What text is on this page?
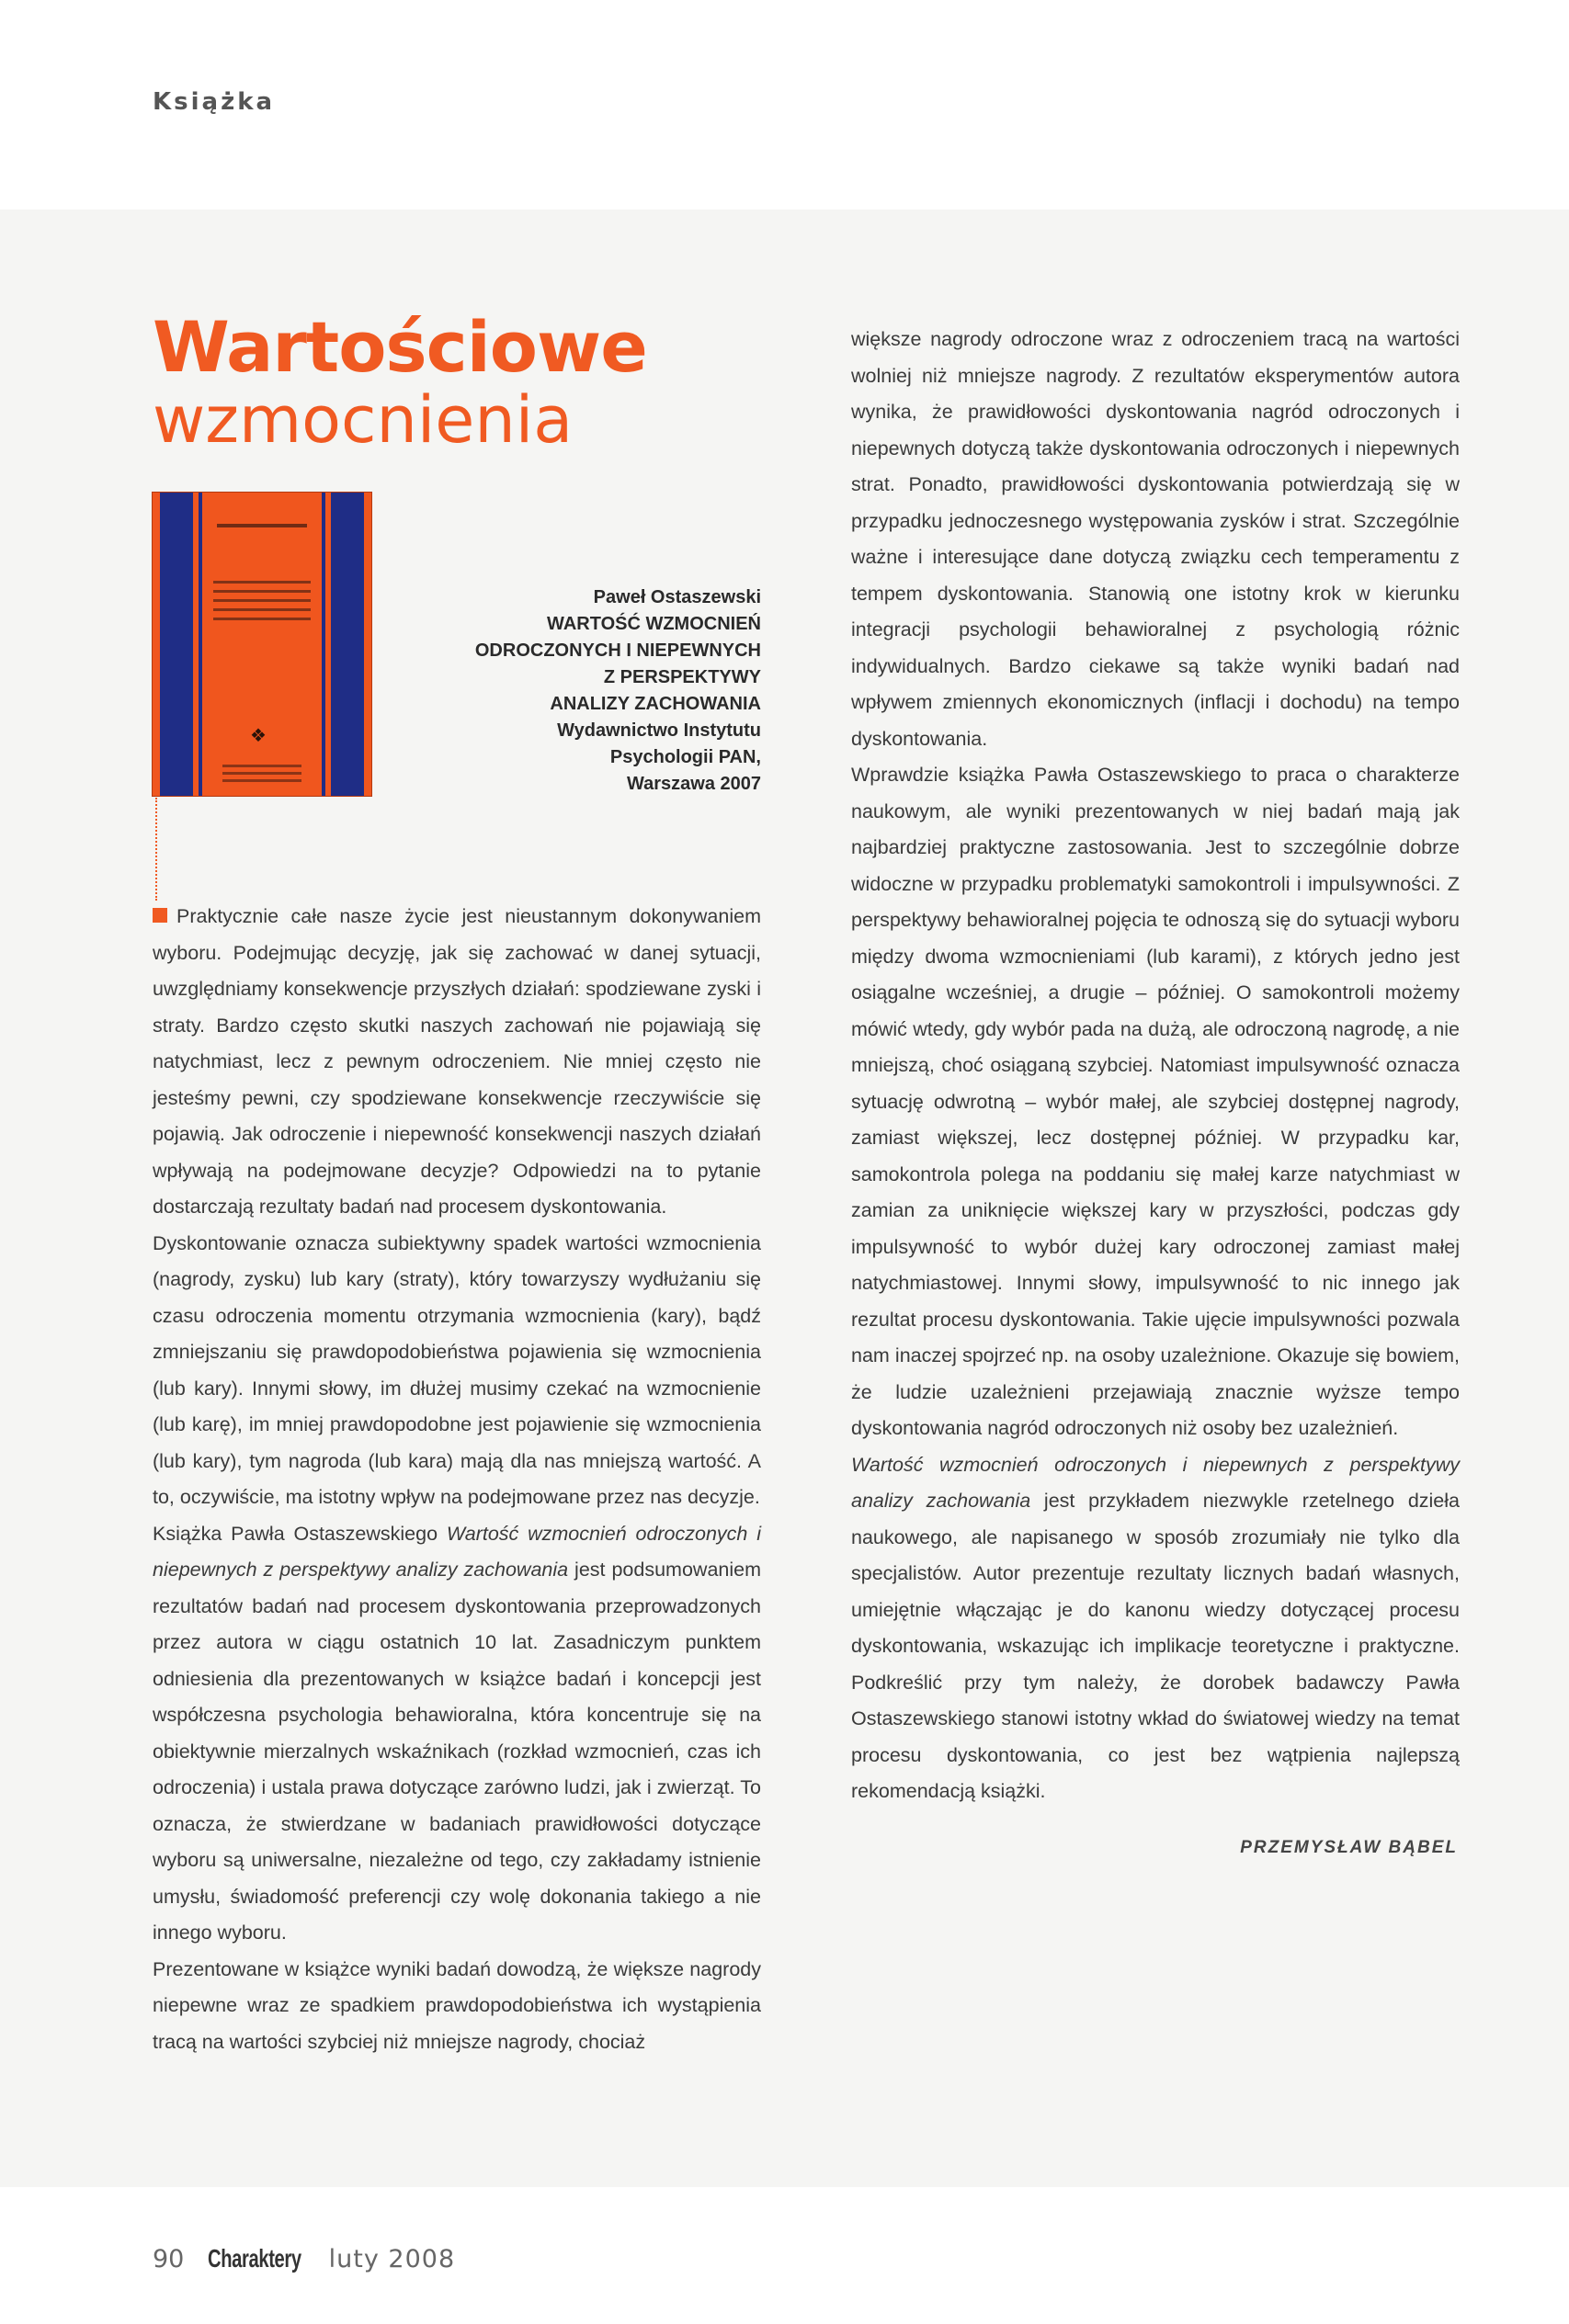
Książka
Wartościowe
wzmocnienia
❖
Paweł Ostaszewski
WARTOŚĆ WZMOCNIEŃ
ODROCZONYCH I NIEPEWNYCH
Z PERSPEKTYWY
ANALIZY ZACHOWANIA
Wydawnictwo Instytutu
Psychologii PAN,
Warszawa 2007

Praktycznie całe nasze życie jest nieustannym dokonywaniem wyboru. Podejmując decyzję, jak się zachować w danej sytuacji, uwzględniamy konsekwencje przyszłych działań: spodziewane zyski i straty. Bardzo często skutki naszych zachowań nie pojawiają się natychmiast, lecz z pewnym odroczeniem. Nie mniej często nie jesteśmy pewni, czy spodziewane konsekwencje rzeczywiście się pojawią. Jak odroczenie i niepewność konsekwencji naszych działań wpływają na podejmowane decyzje? Odpowiedzi na to pytanie dostarczają rezultaty badań nad procesem dyskontowania.

Dyskontowanie oznacza subiektywny spadek wartości wzmocnienia (nagrody, zysku) lub kary (straty), który towarzyszy wydłużaniu się czasu odroczenia momentu otrzymania wzmocnienia (kary), bądź zmniejszaniu się prawdopodobieństwa pojawienia się wzmocnienia (lub kary). Innymi słowy, im dłużej musimy czekać na wzmocnienie (lub karę), im mniej prawdopodobne jest pojawienie się wzmocnienia (lub kary), tym nagroda (lub kara) mają dla nas mniejszą wartość. A to, oczywiście, ma istotny wpływ na podejmowane przez nas decyzje.

Książka Pawła Ostaszewskiego Wartość wzmocnień odroczonych i niepewnych z perspektywy analizy zachowania jest podsumowaniem rezultatów badań nad procesem dyskontowania przeprowadzonych przez autora w ciągu ostatnich 10 lat. Zasadniczym punktem odniesienia dla prezentowanych w książce badań i koncepcji jest współczesna psychologia behawioralna, która koncentruje się na obiektywnie mierzalnych wskaźnikach (rozkład wzmocnień, czas ich odroczenia) i ustala prawa dotyczące zarówno ludzi, jak i zwierząt. To oznacza, że stwierdzane w badaniach prawidłowości dotyczące wyboru są uniwersalne, niezależne od tego, czy zakładamy istnienie umysłu, świadomość preferencji czy wolę dokonania takiego a nie innego wyboru.

Prezentowane w książce wyniki badań dowodzą, że większe nagrody niepewne wraz ze spadkiem prawdopodobieństwa ich wystąpienia tracą na wartości szybciej niż mniejsze nagrody, chociaż

większe nagrody odroczone wraz z odroczeniem tracą na wartości wolniej niż mniejsze nagrody. Z rezultatów eksperymentów autora wynika, że prawidłowości dyskontowania nagród odroczonych i niepewnych dotyczą także dyskontowania odroczonych i niepewnych strat. Ponadto, prawidłowości dyskontowania potwierdzają się w przypadku jednoczesnego występowania zysków i strat. Szczególnie ważne i interesujące dane dotyczą związku cech temperamentu z tempem dyskontowania. Stanowią one istotny krok w kierunku integracji psychologii behawioralnej z psychologią różnic indywidualnych. Bardzo ciekawe są także wyniki badań nad wpływem zmiennych ekonomicznych (inflacji i dochodu) na tempo dyskontowania.

Wprawdzie książka Pawła Ostaszewskiego to praca o charakterze naukowym, ale wyniki prezentowanych w niej badań mają jak najbardziej praktyczne zastosowania. Jest to szczególnie dobrze widoczne w przypadku problematyki samokontroli i impulsywności. Z perspektywy behawioralnej pojęcia te odnoszą się do sytuacji wyboru między dwoma wzmocnieniami (lub karami), z których jedno jest osiągalne wcześniej, a drugie – później. O samokontroli możemy mówić wtedy, gdy wybór pada na dużą, ale odroczoną nagrodę, a nie mniejszą, choć osiąganą szybciej. Natomiast impulsywność oznacza sytuację odwrotną – wybór małej, ale szybciej dostępnej nagrody, zamiast większej, lecz dostępnej później. W przypadku kar, samokontrola polega na poddaniu się małej karze natychmiast w zamian za uniknięcie większej kary w przyszłości, podczas gdy impulsywność to wybór dużej kary odroczonej zamiast małej natychmiastowej. Innymi słowy, impulsywność to nic innego jak rezultat procesu dyskontowania. Takie ujęcie impulsywności pozwala nam inaczej spojrzeć np. na osoby uzależnione. Okazuje się bowiem, że ludzie uzależnieni przejawiają znacznie wyższe tempo dyskontowania nagród odroczonych niż osoby bez uzależnień.

Wartość wzmocnień odroczonych i niepewnych z perspektywy analizy zachowania jest przykładem niezwykle rzetelnego dzieła naukowego, ale napisanego w sposób zrozumiały nie tylko dla specjalistów. Autor prezentuje rezultaty licznych badań własnych, umiejętnie włączając je do kanonu wiedzy dotyczącej procesu dyskontowania, wskazując ich implikacje teoretyczne i praktyczne. Podkreślić przy tym należy, że dorobek badawczy Pawła Ostaszewskiego stanowi istotny wkład do światowej wiedzy na temat procesu dyskontowania, co jest bez wątpienia najlepszą rekomendacją książki.

PRZEMYSŁAW BĄBEL
90 Charaktery luty 2008
